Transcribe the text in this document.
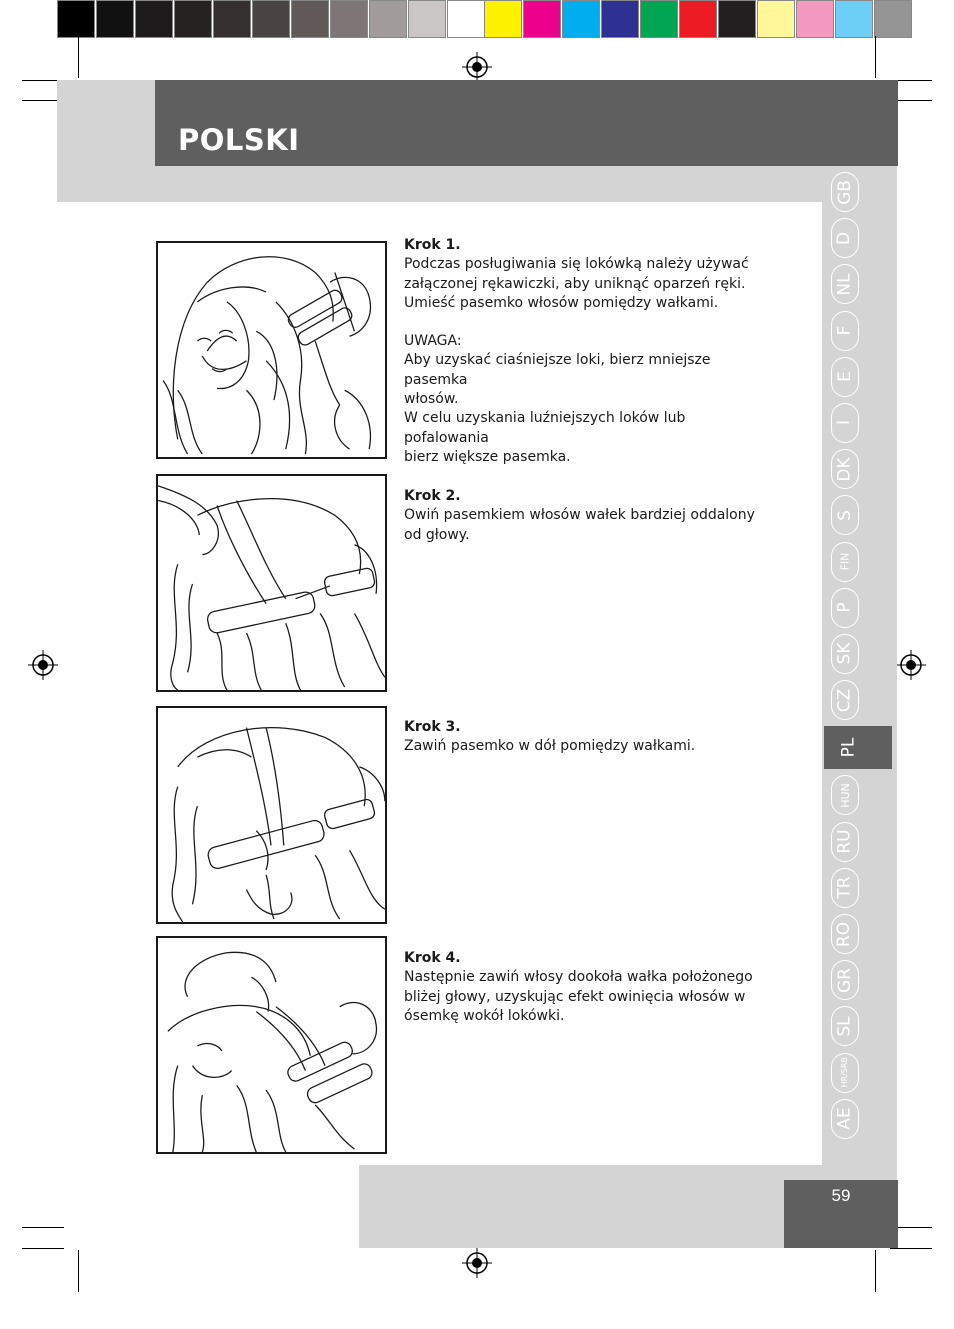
POLSKI
59
GB
D
NL
F
E
I
DK
S
FIN
P
SK
CZ
PL
HUN
RU
TR
RO
GR
SL
HR/SRB
AE

Krok 1.

Podczas posługiwania się lokówką należy używać

załączonej rękawiczki, aby uniknąć oparzeń ręki.

Umieść pasemko włosów pomiędzy wałkami.

UWAGA:

Aby uzyskać ciaśniejsze loki, bierz mniejsze pasemka

włosów.

W celu uzyskania luźniejszych loków lub pofalowania

bierz większe pasemka.

Krok 2.

Owiń pasemkiem włosów wałek bardziej oddalony

od głowy.

Krok 3.

Zawiń pasemko w dół pomiędzy wałkami.

Krok 4.

Następnie zawiń włosy dookoła wałka położonego

bliżej głowy, uzyskując efekt owinięcia włosów w

ósemkę wokół lokówki.
